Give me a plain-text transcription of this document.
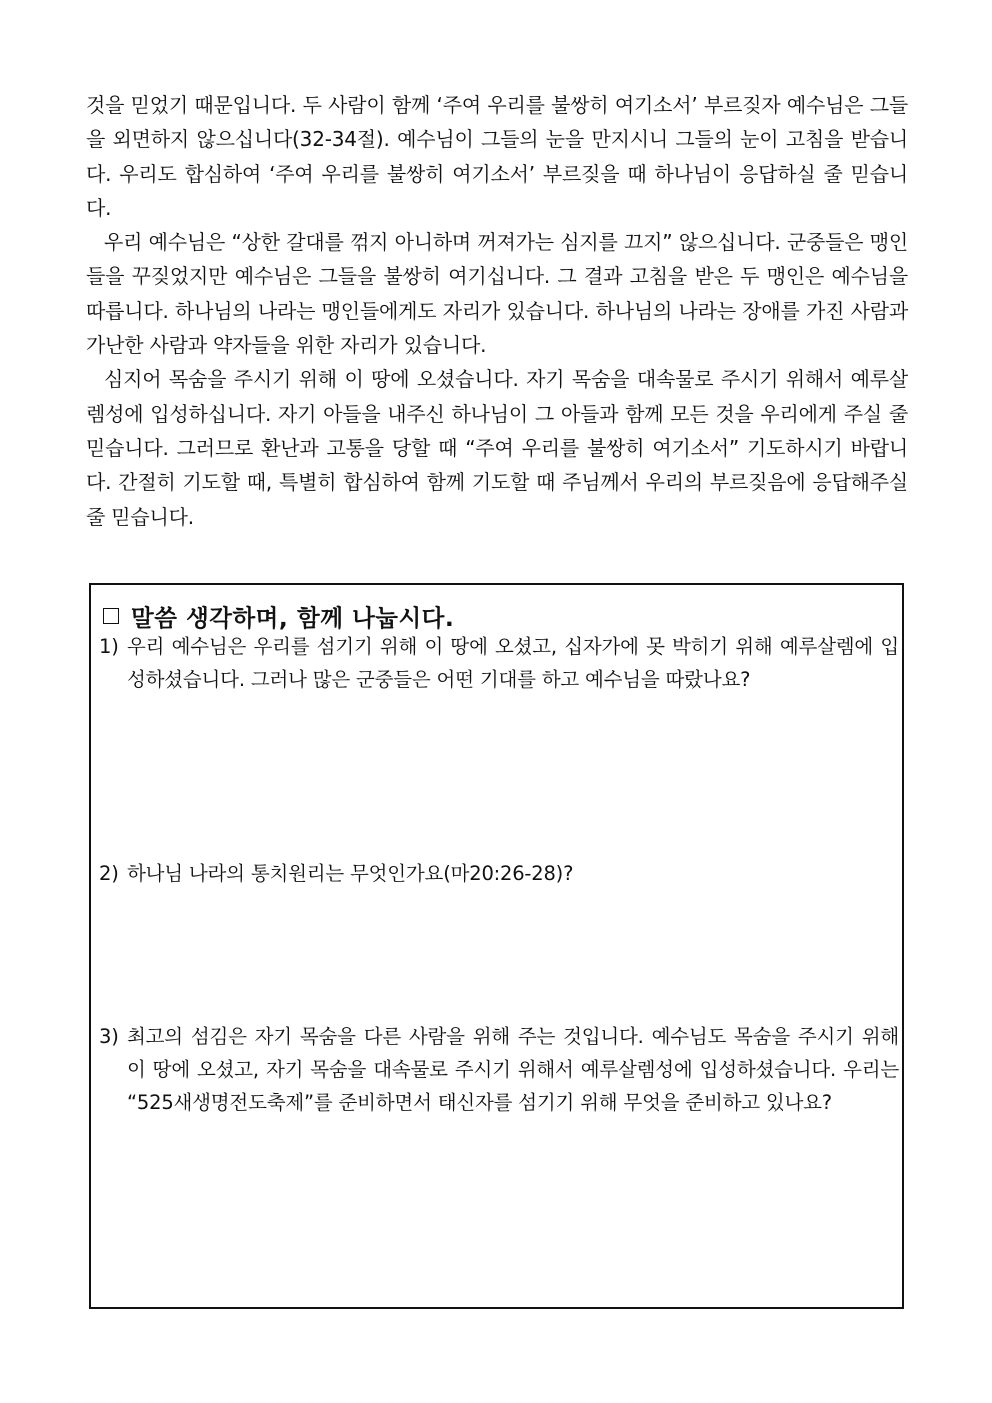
것을 믿었기 때문입니다. 두 사람이 함께 ‘주여 우리를 불쌍히 여기소서’ 부르짖자 예수님은 그들을 외면하지 않으십니다(32-34절). 예수님이 그들의 눈을 만지시니 그들의 눈이 고침을 받습니다. 우리도 합심하여 ‘주여 우리를 불쌍히 여기소서’ 부르짖을 때 하나님이 응답하실 줄 믿습니다.

우리 예수님은 “상한 갈대를 꺾지 아니하며 꺼져가는 심지를 끄지” 않으십니다. 군중들은 맹인들을 꾸짖었지만 예수님은 그들을 불쌍히 여기십니다. 그 결과 고침을 받은 두 맹인은 예수님을 따릅니다. 하나님의 나라는 맹인들에게도 자리가 있습니다. 하나님의 나라는 장애를 가진 사람과 가난한 사람과 약자들을 위한 자리가 있습니다.

심지어 목숨을 주시기 위해 이 땅에 오셨습니다. 자기 목숨을 대속물로 주시기 위해서 예루살렘성에 입성하십니다. 자기 아들을 내주신 하나님이 그 아들과 함께 모든 것을 우리에게 주실 줄 믿습니다. 그러므로 환난과 고통을 당할 때 “주여 우리를 불쌍히 여기소서” 기도하시기 바랍니다. 간절히 기도할 때, 특별히 합심하여 함께 기도할 때 주님께서 우리의 부르짖음에 응답해주실 줄 믿습니다.

말씀 생각하며, 함께 나눕시다.
1) 우리 예수님은 우리를 섬기기 위해 이 땅에 오셨고, 십자가에 못 박히기 위해 예루살렘에 입성하셨습니다. 그러나 많은 군중들은 어떤 기대를 하고 예수님을 따랐나요?
2) 하나님 나라의 통치원리는 무엇인가요(마20:26-28)?
3) 최고의 섬김은 자기 목숨을 다른 사람을 위해 주는 것입니다. 예수님도 목숨을 주시기 위해 이 땅에 오셨고, 자기 목숨을 대속물로 주시기 위해서 예루살렘성에 입성하셨습니다. 우리는 “525새생명전도축제”를 준비하면서 태신자를 섬기기 위해 무엇을 준비하고 있나요?
